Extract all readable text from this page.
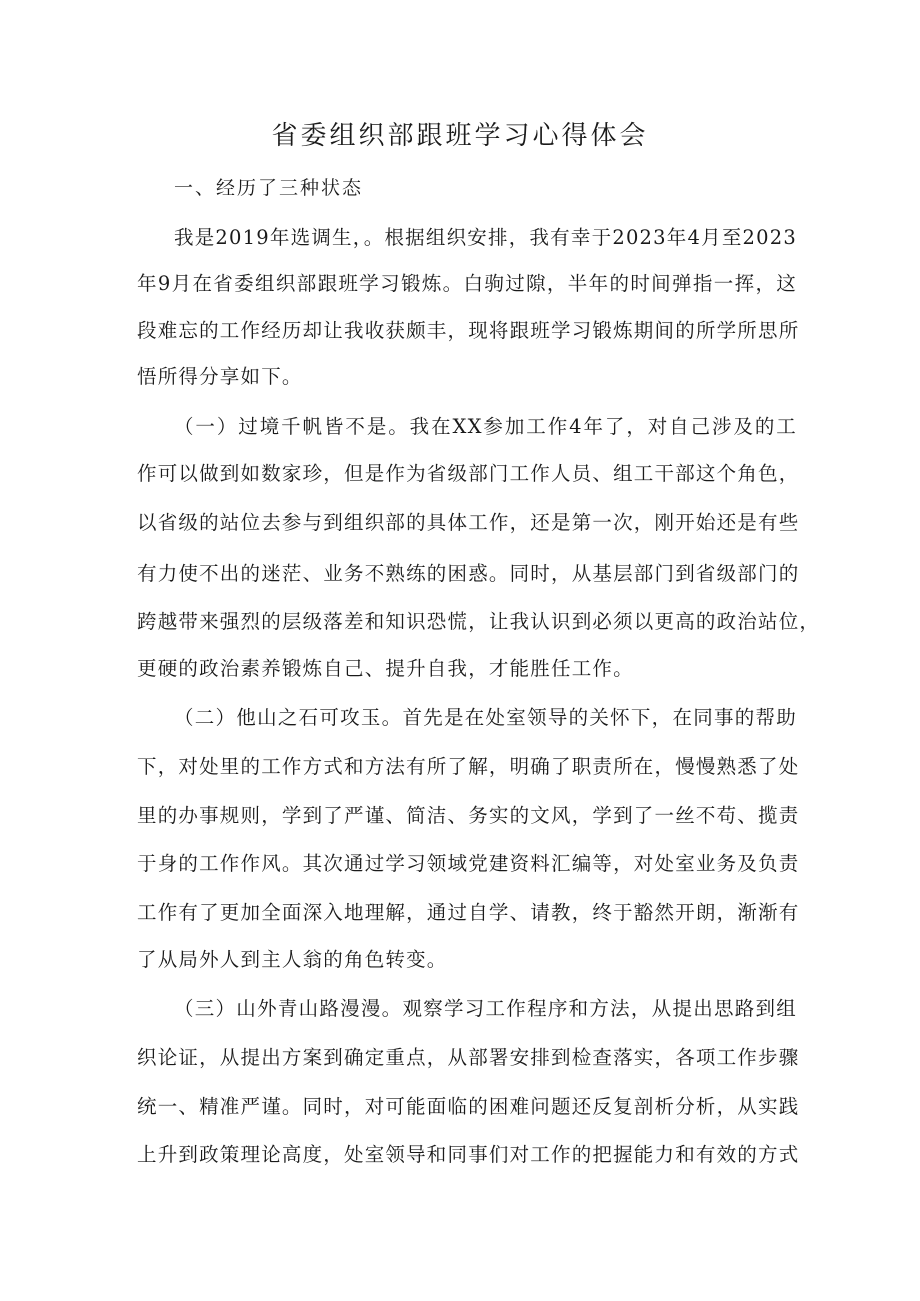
省委组织部跟班学习心得体会

一、经历了三种状态

我是2019年选调生，。根据组织安排，我有幸于2023年4月至2023

年9月在省委组织部跟班学习锻炼。白驹过隙，半年的时间弹指一挥，这

段难忘的工作经历却让我收获颇丰，现将跟班学习锻炼期间的所学所思所

悟所得分享如下。

（一）过境千帆皆不是。我在XX参加工作4年了，对自己涉及的工

作可以做到如数家珍，但是作为省级部门工作人员、组工干部这个角色，

以省级的站位去参与到组织部的具体工作，还是第一次，刚开始还是有些

有力使不出的迷茫、业务不熟练的困惑。同时，从基层部门到省级部门的

跨越带来强烈的层级落差和知识恐慌，让我认识到必须以更高的政治站位，

更硬的政治素养锻炼自己、提升自我，才能胜任工作。

（二）他山之石可攻玉。首先是在处室领导的关怀下，在同事的帮助

下，对处里的工作方式和方法有所了解，明确了职责所在，慢慢熟悉了处

里的办事规则，学到了严谨、简洁、务实的文风，学到了一丝不苟、揽责

于身的工作作风。其次通过学习领域党建资料汇编等，对处室业务及负责

工作有了更加全面深入地理解，通过自学、请教，终于豁然开朗，渐渐有

了从局外人到主人翁的角色转变。

（三）山外青山路漫漫。观察学习工作程序和方法，从提出思路到组

织论证，从提出方案到确定重点，从部署安排到检查落实，各项工作步骤

统一、精准严谨。同时，对可能面临的困难问题还反复剖析分析，从实践

上升到政策理论高度，处室领导和同事们对工作的把握能力和有效的方式
